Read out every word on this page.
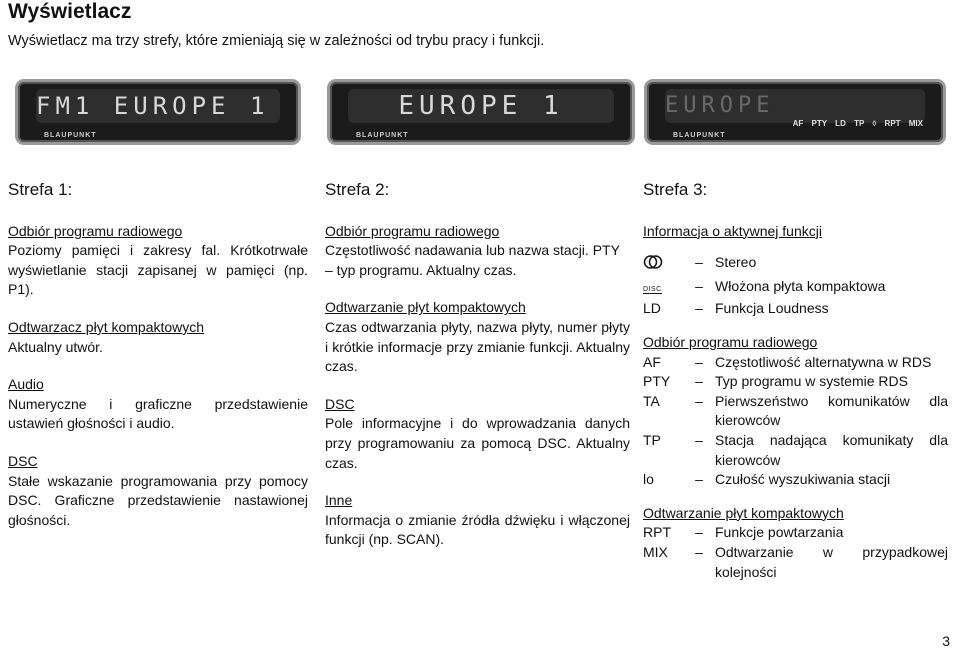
Wyświetlacz
Wyświetlacz ma trzy strefy, które zmieniają się w zależności od trybu pracy i funkcji.
FM1 EUROPE 1
BLAUPUNKT
EUROPE 1
BLAUPUNKT
EUROPE
BLAUPUNKT
AF PTY LD TP ◊ RPT MIX
Strefa 1:

Odbiór programu radiowego
Poziomy pamięci i zakresy fal. Krótkotrwałe wyświetlanie stacji zapisanej w pamięci (np. P1).

Odtwarzacz płyt kompaktowych
Aktualny utwór.

Audio
Numeryczne i graficzne przedstawienie ustawień głośności i audio.

DSC
Stałe wskazanie programowania przy pomocy DSC. Graficzne przedstawienie nastawionej głośności.

Strefa 2:

Odbiór programu radiowego
Częstotliwość nadawania lub nazwa stacji. PTY – typ programu. Aktualny czas.

Odtwarzanie płyt kompaktowych
Czas odtwarzania płyty, nazwa płyty, numer płyty i krótkie informacje przy zmianie funkcji. Aktualny czas.

DSC
Pole informacyjne i do wprowadzania danych przy programowaniu za pomocą DSC. Aktualny czas.

Inne
Informacja o zmianie źródła dźwięku i włączonej funkcji (np. SCAN).

Strefa 3:
Informacja o aktywnej funkcji
	–	Stereo
DISC	–	Włożona płyta kompaktowa
LD	–	Funkcja Loudness
Odbiór programu radiowego
AF	–	Częstotliwość alternatywna w RDS
PTY	–	Typ programu w systemie RDS
TA	–	Pierwszeństwo komunikatów dla kierowców
TP	–	Stacja nadająca komunikaty dla kierowców
lo	–	Czułość wyszukiwania stacji
Odtwarzanie płyt kompaktowych
RPT	–	Funkcje powtarzania
MIX	–	Odtwarzanie w przypadkowej kolejności
3
